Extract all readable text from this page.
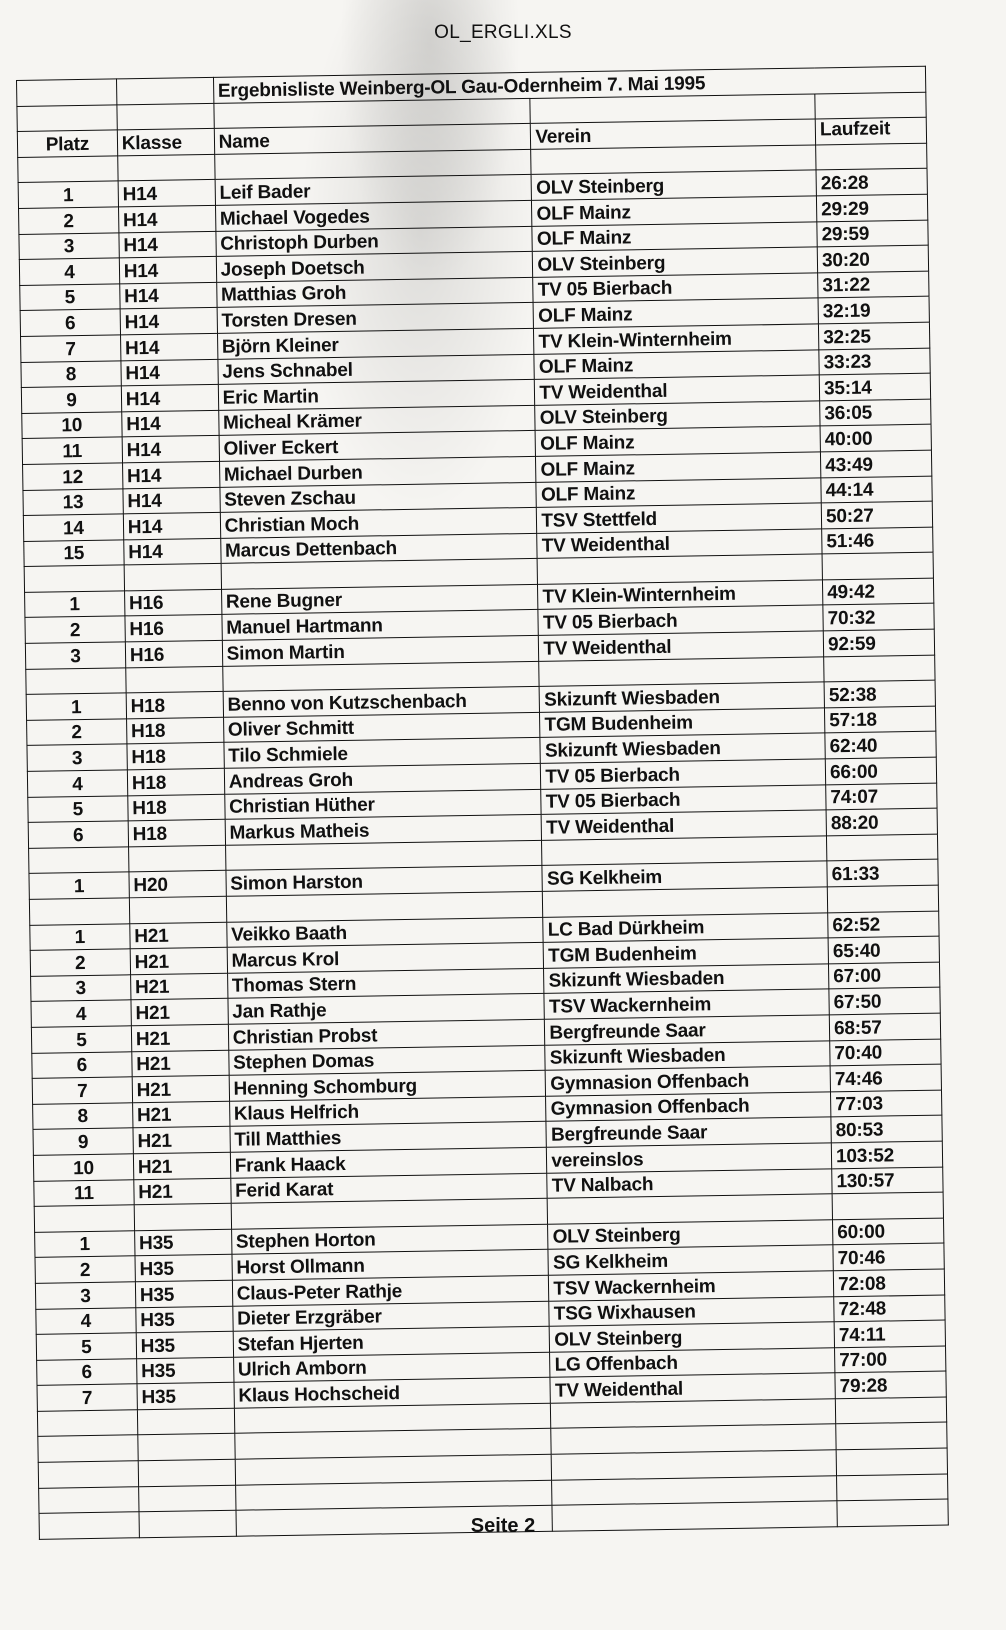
OL_ERGLI.XLS
		Ergebnisliste Weinberg-OL Gau-Odernheim 7. Mai 1995		

Platz	Klasse	Name	Verein	Laufzeit

1	H14	Leif Bader	OLV Steinberg	26:28
2	H14	Michael Vogedes	OLF Mainz	29:29
3	H14	Christoph Durben	OLF Mainz	29:59
4	H14	Joseph Doetsch	OLV Steinberg	30:20
5	H14	Matthias Groh	TV 05 Bierbach	31:22
6	H14	Torsten Dresen	OLF Mainz	32:19
7	H14	Björn Kleiner	TV Klein-Winternheim	32:25
8	H14	Jens Schnabel	OLF Mainz	33:23
9	H14	Eric Martin	TV Weidenthal	35:14
10	H14	Micheal Krämer	OLV Steinberg	36:05
11	H14	Oliver Eckert	OLF Mainz	40:00
12	H14	Michael Durben	OLF Mainz	43:49
13	H14	Steven Zschau	OLF Mainz	44:14
14	H14	Christian Moch	TSV Stettfeld	50:27
15	H14	Marcus Dettenbach	TV Weidenthal	51:46

1	H16	Rene Bugner	TV Klein-Winternheim	49:42
2	H16	Manuel Hartmann	TV 05 Bierbach	70:32
3	H16	Simon Martin	TV Weidenthal	92:59

1	H18	Benno von Kutzschenbach	Skizunft Wiesbaden	52:38
2	H18	Oliver Schmitt	TGM Budenheim	57:18
3	H18	Tilo Schmiele	Skizunft Wiesbaden	62:40
4	H18	Andreas Groh	TV 05 Bierbach	66:00
5	H18	Christian Hüther	TV 05 Bierbach	74:07
6	H18	Markus Matheis	TV Weidenthal	88:20

1	H20	Simon Harston	SG Kelkheim	61:33

1	H21	Veikko Baath	LC Bad Dürkheim	62:52
2	H21	Marcus Krol	TGM Budenheim	65:40
3	H21	Thomas Stern	Skizunft Wiesbaden	67:00
4	H21	Jan Rathje	TSV Wackernheim	67:50
5	H21	Christian Probst	Bergfreunde Saar	68:57
6	H21	Stephen Domas	Skizunft Wiesbaden	70:40
7	H21	Henning Schomburg	Gymnasion Offenbach	74:46
8	H21	Klaus Helfrich	Gymnasion Offenbach	77:03
9	H21	Till Matthies	Bergfreunde Saar	80:53
10	H21	Frank Haack	vereinslos	103:52
11	H21	Ferid Karat	TV Nalbach	130:57

1	H35	Stephen Horton	OLV Steinberg	60:00
2	H35	Horst Ollmann	SG Kelkheim	70:46
3	H35	Claus-Peter Rathje	TSV Wackernheim	72:08
4	H35	Dieter Erzgräber	TSG Wixhausen	72:48
5	H35	Stefan Hjerten	OLV Steinberg	74:11
6	H35	Ulrich Amborn	LG Offenbach	77:00
7	H35	Klaus Hochscheid	TV Weidenthal	79:28

Seite 2
